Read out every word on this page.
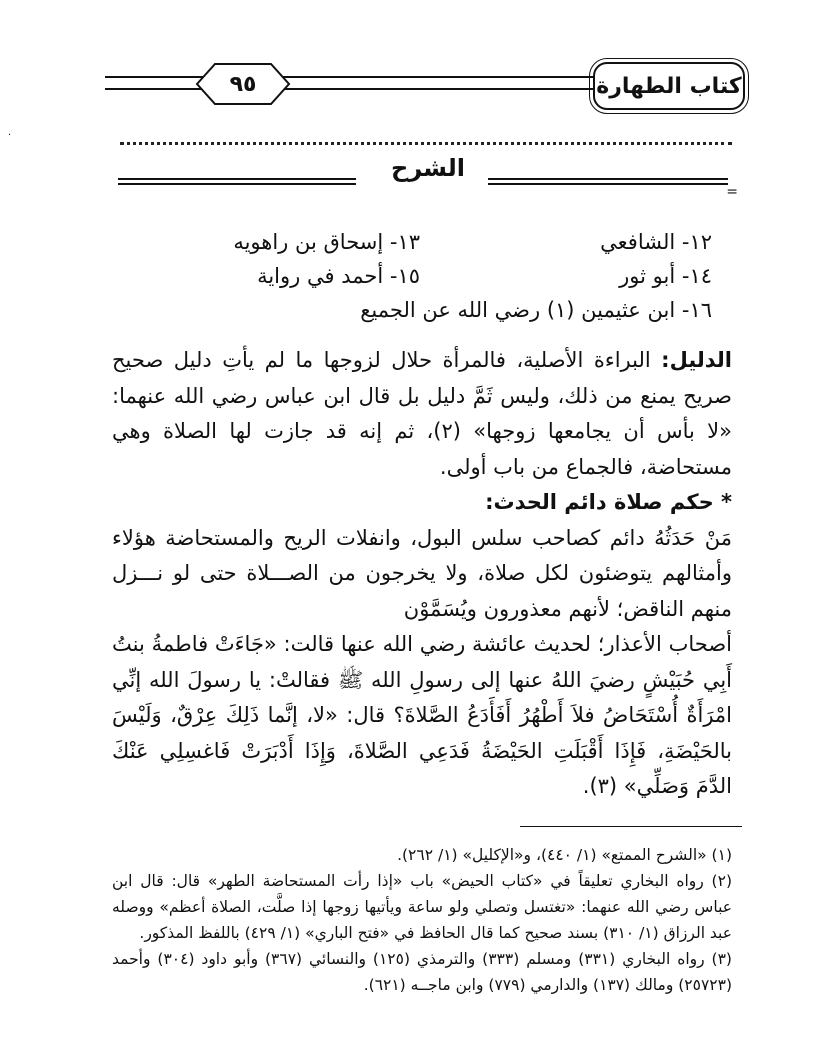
·
٩٥	كتاب الطهارة
الشرح
=
١٢- الشافعي
١٣- إسحاق بن راهويه
١٤- أبو ثور
١٥- أحمد في رواية
١٦- ابن عثيمين (١) رضي الله عن الجميع

الدليل: البراءة الأصلية، فالمرأة حلال لزوجها ما لم يأتِ دليل صحيح صريح يمنع من ذلك، وليس ثَمَّ دليل بل قال ابن عباس رضي الله عنهما: «لا بأس أن يجامعها زوجها» (٢)، ثم إنه قد جازت لها الصلاة وهي مستحاضة، فالجماع من باب أولى.

* حكم صلاة دائم الحدث:

مَنْ حَدَثُهُ دائم كصاحب سلس البول، وانفلات الريح والمستحاضة هؤلاء وأمثالهم يتوضئون لكل صلاة، ولا يخرجون من الصـــلاة حتى لو نـــزل منهم الناقض؛ لأنهم معذورون ويُسَمَّوْن

أصحاب الأعذار؛ لحديث عائشة رضي الله عنها قالت: «جَاءَتْ فاطمةُ بنتُ أَبِي حُبَيْشٍ رضيَ اللهُ عنها إلى رسولِ الله ﷺ فقالتْ: يا رسولَ الله إنِّي امْرَأَةٌ أُسْتَحَاضُ فلاَ أَطْهُرُ أَفَأَدَعُ الصَّلاةَ؟ قال: «لا، إنَّما ذَلِكَ عِرْقٌ، وَلَيْسَ بالحَيْضَةِ، فَإِذَا أَقْبَلَتِ الحَيْضَةُ فَدَعِي الصَّلاةَ، وَإِذَا أَدْبَرَتْ فَاغسِلِي عَنْكَ الدَّمَ وَصَلِّي» (٣).

(١) «الشرح الممتع» (١/ ٤٤٠)، و«الإكليل» (١/ ٢٦٢).

(٢) رواه البخاري تعليقاً في «كتاب الحيض» باب «إذا رأت المستحاضة الطهر» قال: قال ابن عباس رضي الله عنهما: «تغتسل وتصلي ولو ساعة ويأتيها زوجها إذا صلَّت، الصلاة أعظم» ووصله عبد الرزاق (١/ ٣١٠) بسند صحيح كما قال الحافظ في «فتح الباري» (١/ ٤٢٩) باللفظ المذكور.

(٣) رواه البخاري (٣٣١) ومسلم (٣٣٣) والترمذي (١٢٥) والنسائي (٣٦٧) وأبو داود (٣٠٤) وأحمد (٢٥٧٢٣) ومالك (١٣٧) والدارمي (٧٧٩) وابن ماجــه (٦٢١).
